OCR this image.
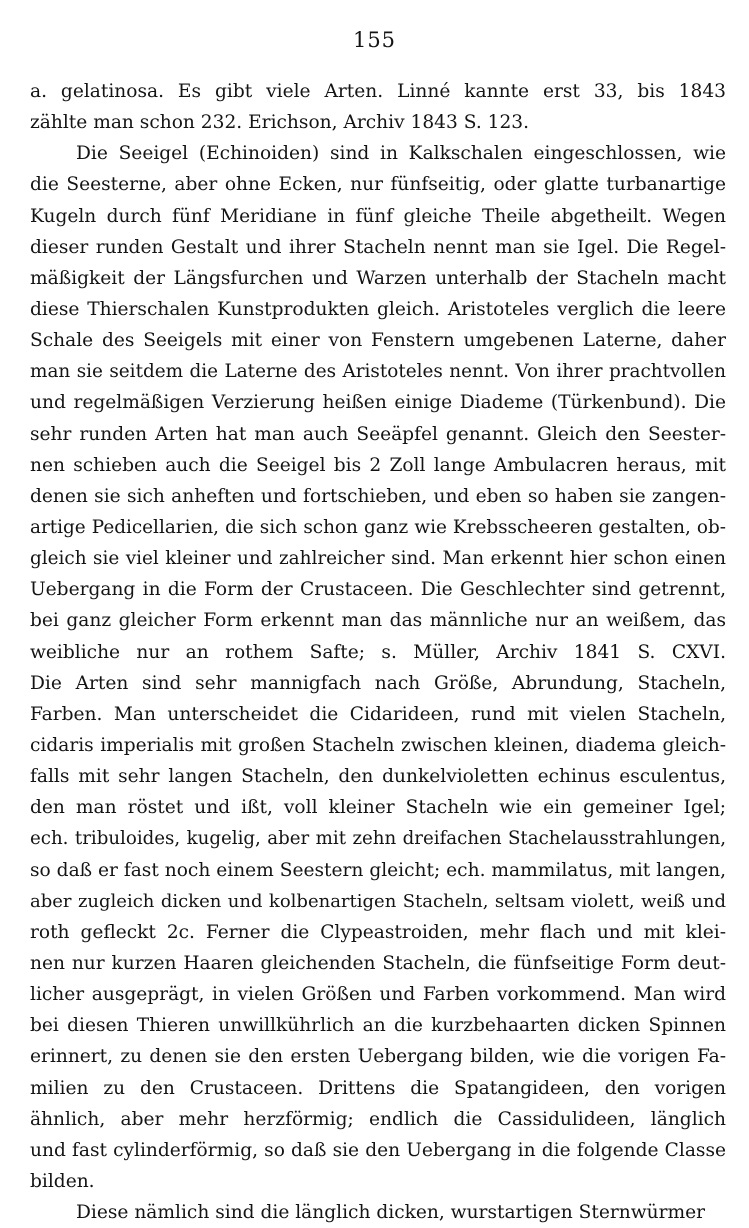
155
a. gelatinosa. Es gibt viele Arten. Linné kannte erst 33, bis 1843
zählte man schon 232. Erichson, Archiv 1843 S. 123.
Die Seeigel (Echinoiden) sind in Kalkschalen eingeschlossen, wie
die Seesterne, aber ohne Ecken, nur fünfseitig, oder glatte turbanartige
Kugeln durch fünf Meridiane in fünf gleiche Theile abgetheilt. Wegen
dieser runden Gestalt und ihrer Stacheln nennt man sie Igel. Die Regel-
mäßigkeit der Längsfurchen und Warzen unterhalb der Stacheln macht
diese Thierschalen Kunstprodukten gleich. Aristoteles verglich die leere
Schale des Seeigels mit einer von Fenstern umgebenen Laterne, daher
man sie seitdem die Laterne des Aristoteles nennt. Von ihrer prachtvollen
und regelmäßigen Verzierung heißen einige Diademe (Türkenbund). Die
sehr runden Arten hat man auch Seeäpfel genannt. Gleich den Seester-
nen schieben auch die Seeigel bis 2 Zoll lange Ambulacren heraus, mit
denen sie sich anheften und fortschieben, und eben so haben sie zangen-
artige Pedicellarien, die sich schon ganz wie Krebsscheeren gestalten, ob-
gleich sie viel kleiner und zahlreicher sind. Man erkennt hier schon einen
Uebergang in die Form der Crustaceen. Die Geschlechter sind getrennt,
bei ganz gleicher Form erkennt man das männliche nur an weißem, das
weibliche nur an rothem Safte; s. Müller, Archiv 1841 S. CXVI.
Die Arten sind sehr mannigfach nach Größe, Abrundung, Stacheln,
Farben. Man unterscheidet die Cidarideen, rund mit vielen Stacheln,
cidaris imperialis mit großen Stacheln zwischen kleinen, diadema gleich-
falls mit sehr langen Stacheln, den dunkelvioletten echinus esculentus,
den man röstet und ißt, voll kleiner Stacheln wie ein gemeiner Igel;
ech. tribuloides, kugelig, aber mit zehn dreifachen Stachelausstrahlungen,
so daß er fast noch einem Seestern gleicht; ech. mammilatus, mit langen,
aber zugleich dicken und kolbenartigen Stacheln, seltsam violett, weiß und
roth gefleckt 2c. Ferner die Clypeastroiden, mehr flach und mit klei-
nen nur kurzen Haaren gleichenden Stacheln, die fünfseitige Form deut-
licher ausgeprägt, in vielen Größen und Farben vorkommend. Man wird
bei diesen Thieren unwillkührlich an die kurzbehaarten dicken Spinnen
erinnert, zu denen sie den ersten Uebergang bilden, wie die vorigen Fa-
milien zu den Crustaceen. Drittens die Spatangideen, den vorigen
ähnlich, aber mehr herzförmig; endlich die Cassidulideen, länglich
und fast cylinderförmig, so daß sie den Uebergang in die folgende Classe
bilden.
Diese nämlich sind die länglich dicken, wurstartigen Sternwürmer
